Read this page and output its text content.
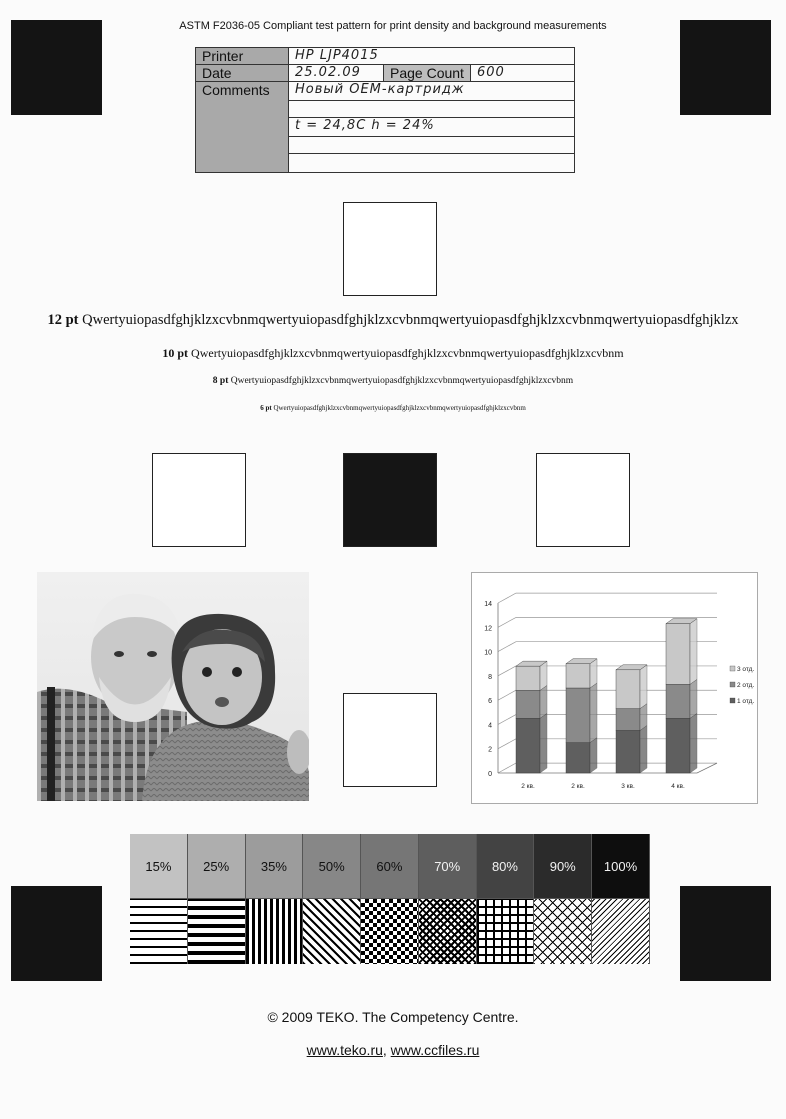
ASTM F2036-05 Compliant test pattern for print density and background measurements
Printer	HP LJP4015		
Date	25.02.09	Page Count	600
Comments	Новый OEM-картридж		

	t = 24,8C h = 24%		

12 pt Qwertyuiopasdfghjklzxcvbnmqwertyuiopasdfghjklzxcvbnmqwertyuiopasdfghjklzxcvbnmqwertyuiopasdfghjklzx
10 pt Qwertyuiopasdfghjklzxcvbnmqwertyuiopasdfghjklzxcvbnmqwertyuiopasdfghjklzxcvbnm
8 pt Qwertyuiopasdfghjklzxcvbnmqwertyuiopasdfghjklzxcvbnmqwertyuiopasdfghjklzxcvbnm
6 pt Qwertyuiopasdfghjklzxcvbnmqwertyuiopasdfghjklzxcvbnmqwertyuiopasdfghjklzxcvbnm
0
2
4
6
8
10
12
14
2 кв.	2 кв.	3 кв.	4 кв.
3 отд.
2 отд.
1 отд.
15%	25%	35%	50%	60%	70%	80%	90%	100%
© 2009 TEKO. The Competency Centre.
www.teko.ru, www.ccfiles.ru
